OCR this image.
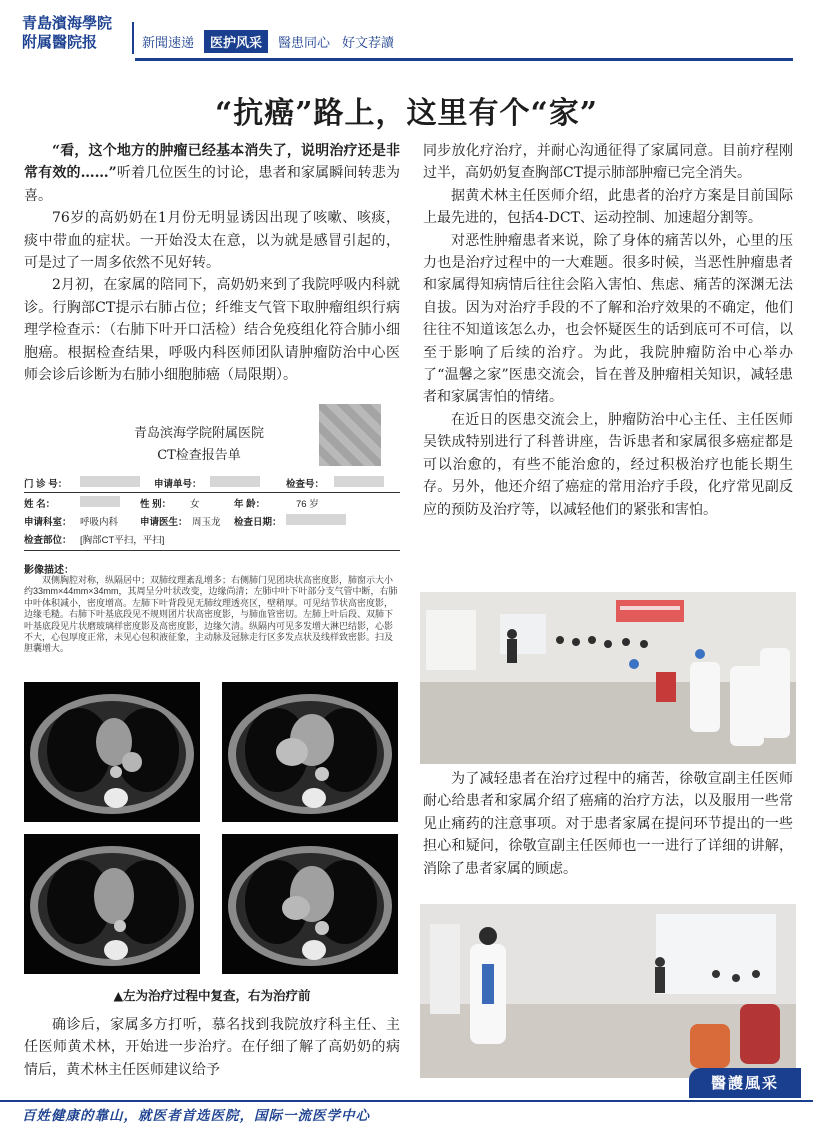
青島濱海學院
附属醫院报	新聞速递	医护风采	醫患同心 好文荐讀
“抗癌”路上，这里有个“家”

“看，这个地方的肿瘤已经基本消失了，说明治疗还是非常有效的……”听着几位医生的讨论，患者和家属瞬间转悲为喜。

76岁的高奶奶在1月份无明显诱因出现了咳嗽、咳痰，痰中带血的症状。一开始没太在意，以为就是感冒引起的，可是过了一周多依然不见好转。

2月初，在家属的陪同下，高奶奶来到了我院呼吸内科就诊。行胸部CT提示右肺占位；纤维支气管下取肿瘤组织行病理学检查示：（右肺下叶开口活检）结合免疫组化符合肺小细胞癌。根据检查结果，呼吸内科医师团队请肿瘤防治中心医师会诊后诊断为右肺小细胞肺癌（局限期）。

青岛滨海学院附属医院
CT检查报告单
门 诊 号：	申请单号：	检查号：
姓 名：	性 别： 女	年 龄：	76 岁
申请科室： 呼吸内科 申请医生： 周玉龙 检查日期：
检查部位： [胸部CT平扫，平扫]
影像描述：
双侧胸腔对称，纵隔居中；双肺纹理紊乱增多；右侧肺门见团块状高密度影，肺窗示大小约33mm×44mm×34mm，其周呈分叶状改变，边缘尚清；左肺中叶下叶部分支气管中断，右肺中叶体积减小，密度增高。左肺下叶背段见无肺纹理透亮区，壁稍厚。可见结节状高密度影，边缘毛糙。右肺下叶基底段见不规则团片状高密度影，与肺血管密切。左肺上叶后段、双肺下叶基底段见片状磨玻璃样密度影及高密度影，边缘欠清。纵隔内可见多发增大淋巴结影，心影不大，心包厚度正常，未见心包积液征象，主动脉及冠脉走行区多发点状及线样致密影。扫及胆囊增大。
▲左为治疗过程中复查，右为治疗前

确诊后，家属多方打听，慕名找到我院放疗科主任、主任医师黄术林，开始进一步治疗。在仔细了解了高奶奶的病情后，黄术林主任医师建议给予

同步放化疗治疗，并耐心沟通征得了家属同意。目前疗程刚过半，高奶奶复查胸部CT提示肺部肿瘤已完全消失。

据黄术林主任医师介绍，此患者的治疗方案是目前国际上最先进的，包括4-DCT、运动控制、加速超分割等。

对恶性肿瘤患者来说，除了身体的痛苦以外，心里的压力也是治疗过程中的一大难题。很多时候，当恶性肿瘤患者和家属得知病情后往往会陷入害怕、焦虑、痛苦的深渊无法自拔。因为对治疗手段的不了解和治疗效果的不确定，他们往往不知道该怎么办，也会怀疑医生的话到底可不可信，以至于影响了后续的治疗。为此，我院肿瘤防治中心举办了“温馨之家”医患交流会，旨在普及肿瘤相关知识，减轻患者和家属害怕的情绪。

在近日的医患交流会上，肿瘤防治中心主任、主任医师吴铁成特别进行了科普讲座，告诉患者和家属很多癌症都是可以治愈的，有些不能治愈的，经过积极治疗也能长期生存。另外，他还介绍了癌症的常用治疗手段，化疗常见副反应的预防及治疗等，以减轻他们的紧张和害怕。

为了减轻患者在治疗过程中的痛苦，徐敬宣副主任医师耐心给患者和家属介绍了癌痛的治疗方法，以及服用一些常见止痛药的注意事项。对于患者家属在提问环节提出的一些担心和疑问，徐敬宣副主任医师也一一进行了详细的讲解，消除了患者家属的顾虑。

醫護風采
百姓健康的靠山，就医者首选医院，国际一流医学中心
